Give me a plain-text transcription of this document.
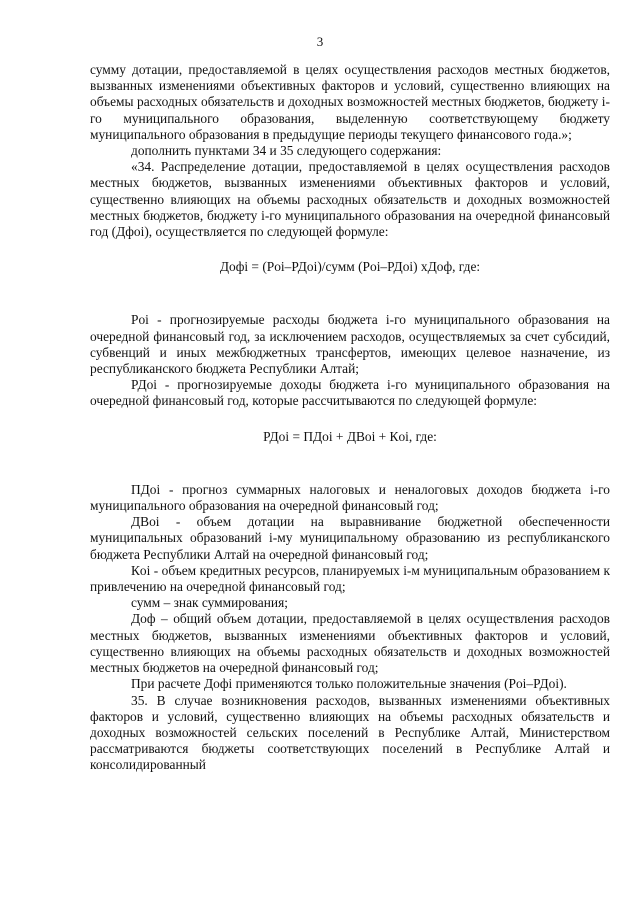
3

сумму дотации, предоставляемой в целях осуществления расходов местных бюджетов, вызванных изменениями объективных факторов и условий, существенно влияющих на объемы расходных обязательств и доходных возможностей местных бюджетов, бюджету i-го муниципального образования, выделенную соответствующему бюджету муниципального образования в предыдущие периоды текущего финансового года.»;

дополнить пунктами 34 и 35 следующего содержания:

«34. Распределение дотации, предоставляемой в целях осуществления расходов местных бюджетов, вызванных изменениями объективных факторов и условий, существенно влияющих на объемы расходных обязательств и доходных возможностей местных бюджетов, бюджету i-го муниципального образования на очередной финансовый год (Дфоi), осуществляется по следующей формуле:

Дофi = (Рoi–РДoi)/сумм (Рoi–РДoi) хДоф, где:

Рoi - прогнозируемые расходы бюджета i-го муниципального образования на очередной финансовый год, за исключением расходов, осуществляемых за счет субсидий, субвенций и иных межбюджетных трансфертов, имеющих целевое назначение, из республиканского бюджета Республики Алтай;

РДoi - прогнозируемые доходы бюджета i-го муниципального образования на очередной финансовый год, которые рассчитываются по следующей формуле:

РДoi = ПДoi + ДВoi + Кoi, где:

ПДoi - прогноз суммарных налоговых и неналоговых доходов бюджета i-го муниципального образования на очередной финансовый год;

ДВoi - объем дотации на выравнивание бюджетной обеспеченности муниципальных образований i-му муниципальному образованию из республиканского бюджета Республики Алтай на очередной финансовый год;

Кoi - объем кредитных ресурсов, планируемых i-м муниципальным образованием к привлечению на очередной финансовый год;

сумм – знак суммирования;

Доф – общий объем дотации, предоставляемой в целях осуществления расходов местных бюджетов, вызванных изменениями объективных факторов и условий, существенно влияющих на объемы расходных обязательств и доходных возможностей местных бюджетов на очередной финансовый год;

При расчете Дофi применяются только положительные значения (Рoi–РДoi).

35. В случае возникновения расходов, вызванных изменениями объективных факторов и условий, существенно влияющих на объемы расходных обязательств и доходных возможностей сельских поселений в Республике Алтай, Министерством рассматриваются бюджеты соответствующих поселений в Республике Алтай и консолидированный
